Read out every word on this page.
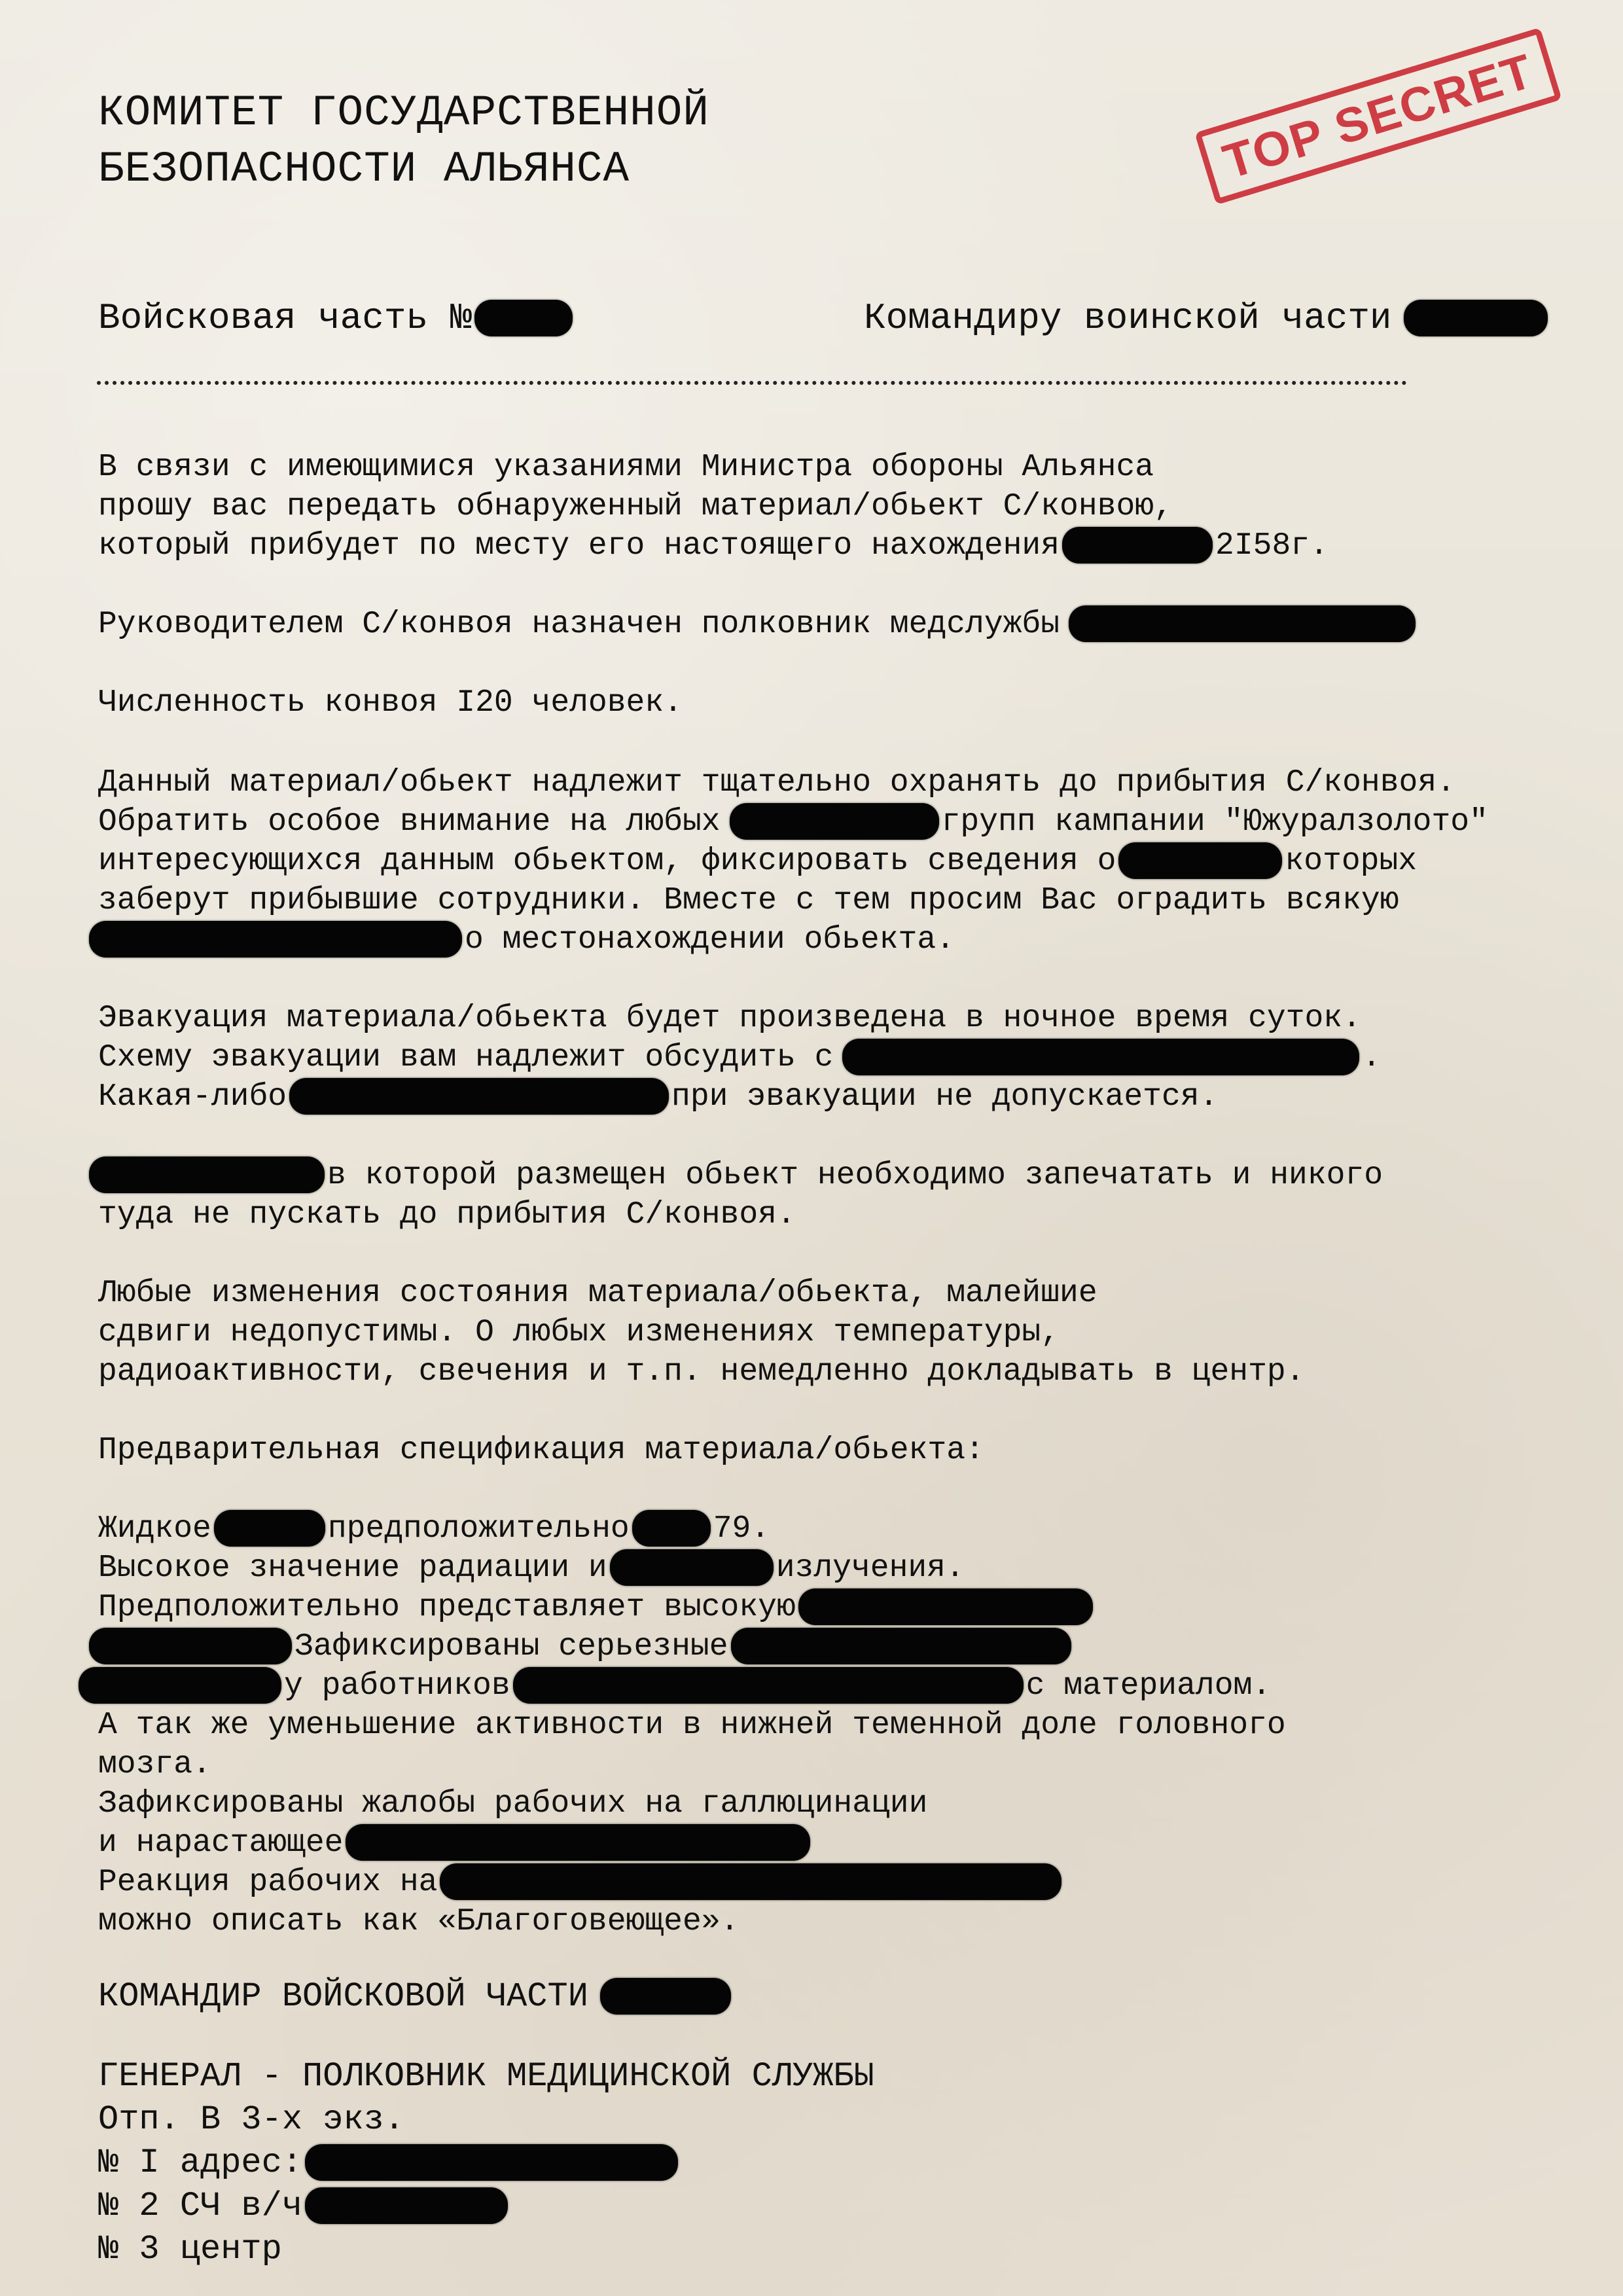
КОМИТЕТ ГОСУДАРСТВЕННОЙ
БЕЗОПАСНОСТИ АЛЬЯНСА	TOP SECRET
Войсковая часть №	Командиру воинской части
В связи с имеющимися указаниями Министра обороны Альянса
прошу вас передать обнаруженный материал/обьект С/конвою,
который прибудет по месту его настоящего нахождения	2I58г.
Руководителем С/конвоя назначен полковник медслужбы
Численность конвоя I20 человек.
Данный материал/обьект надлежит тщательно охранять до прибытия С/конвоя.
Обратить особое внимание на любых	групп кампании "Южуралзолото"
интересующихся данным обьектом, фиксировать сведения о	которых
заберут прибывшие сотрудники. Вместе с тем просим Вас оградить всякую
о местонахождении обьекта.
Эвакуация материала/обьекта будет произведена в ночное время суток.
Схему эвакуации вам надлежит обсудить с	.
Какая-либо	при эвакуации не допускается.
в которой размещен обьект необходимо запечатать и никого
туда не пускать до прибытия С/конвоя.
Любые изменения состояния материала/обьекта, малейшие
сдвиги недопустимы. О любых изменениях температуры,
радиоактивности, свечения и т.п. немедленно докладывать в центр.
Предварительная спецификация материала/обьекта:
Жидкое	предположительно	79.
Высокое значение радиации и	излучения.
Предположительно представляет высокую
Зафиксированы серьезные
у работников	с материалом.
А так же уменьшение активности в нижней теменной доле головного
мозга.
Зафиксированы жалобы рабочих на галлюцинации
и нарастающее
Реакция рабочих на
можно описать как «Благоговеющее».
КОМАНДИР ВОЙСКОВОЙ ЧАСТИ
ГЕНЕРАЛ - ПОЛКОВНИК МЕДИЦИНСКОЙ СЛУЖБЫ
Отп. В 3-х экз.
№ I адрес:
№ 2 СЧ в/ч
№ 3 центр
